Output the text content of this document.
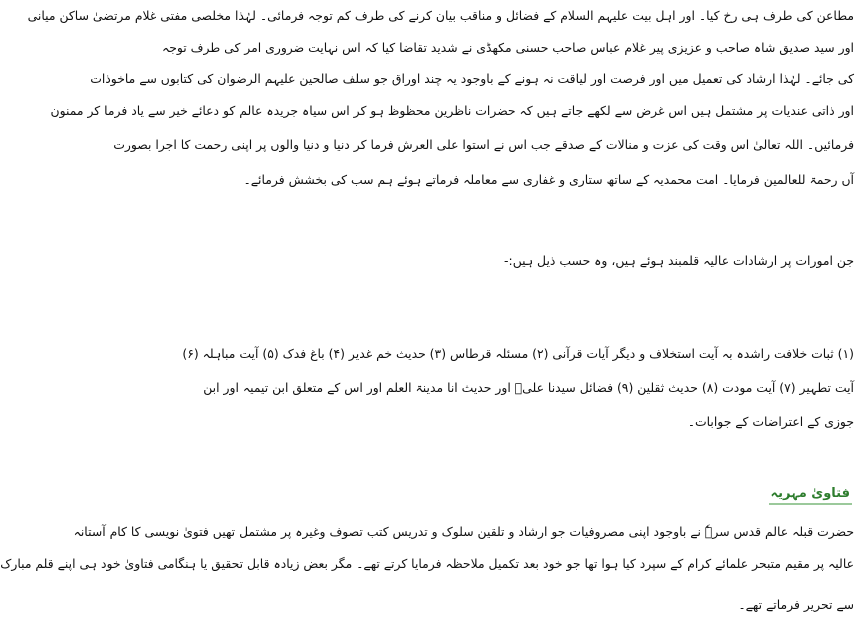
مطاعن کی طرف ہی رخ کیا۔ اور اہل بیت علیہم السلام کے فضائل و مناقب بیان کرنے کی طرف کم توجہ فرمائی۔ لہٰذا مخلصی مفتی غلام مرتضیٰ ساکن میانی
اور سید صدیق شاہ صاحب و عزیزی پیر غلام عباس صاحب حسنی مکھڈی نے شدید تقاضا کیا کہ اس نہایت ضروری امر کی طرف توجہ
کی جائے۔ لہٰذا ارشاد کی تعمیل میں اور فرصت اور لیاقت نہ ہونے کے باوجود یہ چند اوراق جو سلف صالحین علیہم الرضوان کی کتابوں سے ماخوذات
اور ذاتی عندیات پر مشتمل ہیں اس غرض سے لکھے جاتے ہیں کہ حضرات ناظرین محظوظ ہو کر اس سیاہ جریدہ عالم کو دعائے خیر سے یاد فرما کر ممنون
فرمائیں۔ اللہ تعالیٰ اس وقت کی عزت و منالات کے صدقے جب اس نے استوا علی العرش فرما کر دنیا و دنیا والوں پر اپنی رحمت کا اجرا بصورت
آں رحمۃ للعالمین فرمایا۔ امت محمدیہ کے ساتھ ستاری و غفاری سے معاملہ فرماتے ہوئے ہم سب کی بخشش فرمائے۔
جن امورات پر ارشادات عالیہ قلمبند ہوئے ہیں، وہ حسب ذیل ہیں:-
(۱) ثبات خلافت راشدہ بہ آیت استخلاف و دیگر آیات قرآنی (۲) مسئلہ قرطاس (۳) حدیث خم غدیر (۴) باغ فدک (۵) آیت مباہلہ (۶)
آیت تطہیر (۷) آیت مودت (۸) حدیث ثقلین (۹) فضائل سیدنا علیؓ اور حدیث انا مدینۃ العلم اور اس کے متعلق ابن تیمیہ اور ابن
جوزی کے اعتراضات کے جوابات۔
فتاویٰ مہریہ
حضرت قبلہ عالم قدس سرہٗ نے باوجود اپنی مصروفیات جو ارشاد و تلقین سلوک و تدریس کتب تصوف وغیرہ پر مشتمل تھیں فتویٰ نویسی کا کام آستانہ
عالیہ پر مقیم متبحر علمائے کرام کے سپرد کیا ہوا تھا جو خود بعد تکمیل ملاحظہ فرمایا کرتے تھے۔ مگر بعض زیادہ قابل تحقیق یا ہنگامی فتاویٰ خود ہی اپنے قلم مبارک
سے تحریر فرماتے تھے۔
